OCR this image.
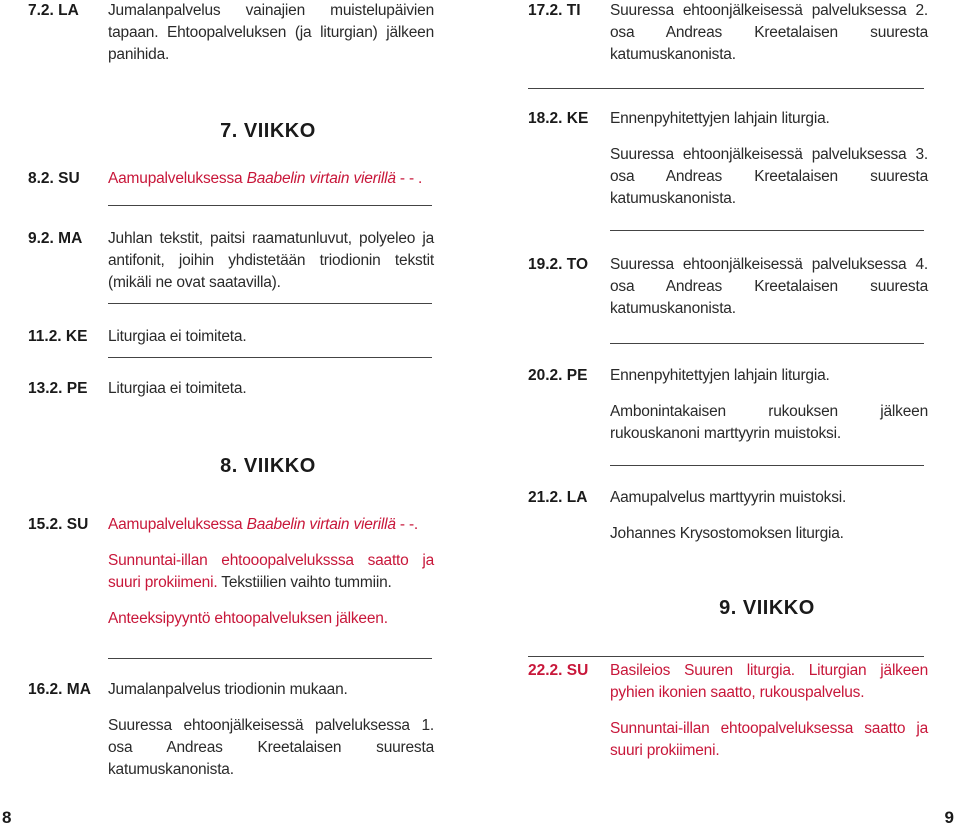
7.2. LA Jumalanpalvelus vainajien muistelupäivien tapaan. Ehtoopalveluksen (ja liturgian) jälkeen panihida.
7. VIIKKO
8.2. SU Aamupalveluksessa Baabelin virtain vierillä - - .
9.2. MA Juhlan tekstit, paitsi raamatunluvut, polyeleo ja antifonit, joihin yhdistetään triodionin tekstit (mikäli ne ovat saatavilla).
11.2. KE Liturgiaa ei toimiteta.
13.2. PE Liturgiaa ei toimiteta.
8. VIIKKO
15.2. SU Aamupalveluksessa Baabelin virtain vierillä - -.
Sunnuntai-illan ehtooopalveluksssa saatto ja suuri prokiimeni. Tekstiilien vaihto tummiin.
Anteeksipyyntö ehtoopalveluksen jälkeen.
16.2. MA Jumalanpalvelus triodionin mukaan.
Suuressa ehtoonjälkeisessä palveluksessa 1. osa Andreas Kreetalaisen suuresta katumuskanonista.
17.2. TI Suuressa ehtoonjälkeisessä palveluksessa 2. osa Andreas Kreetalaisen suuresta katumuskanonista.
18.2. KE Ennenpyhitettyjen lahjain liturgia.
Suuressa ehtoonjälkeisessä palveluksessa 3. osa Andreas Kreetalaisen suuresta katumuskanonista.
19.2. TO Suuressa ehtoonjälkeisessä palveluksessa 4. osa Andreas Kreetalaisen suuresta katumuskanonista.
20.2. PE Ennenpyhitettyjen lahjain liturgia.
Ambonintakaisen rukouksen jälkeen rukouskanoni marttyyrin muistoksi.
21.2. LA Aamupalvelus marttyyrin muistoksi.
Johannes Krysostomoksen liturgia.
9. VIIKKO
22.2. SU Basileios Suuren liturgia. Liturgian jälkeen pyhien ikonien saatto, rukouspalvelus.
Sunnuntai-illan ehtoopalveluksessa saatto ja suuri prokiimeni.
8	9
